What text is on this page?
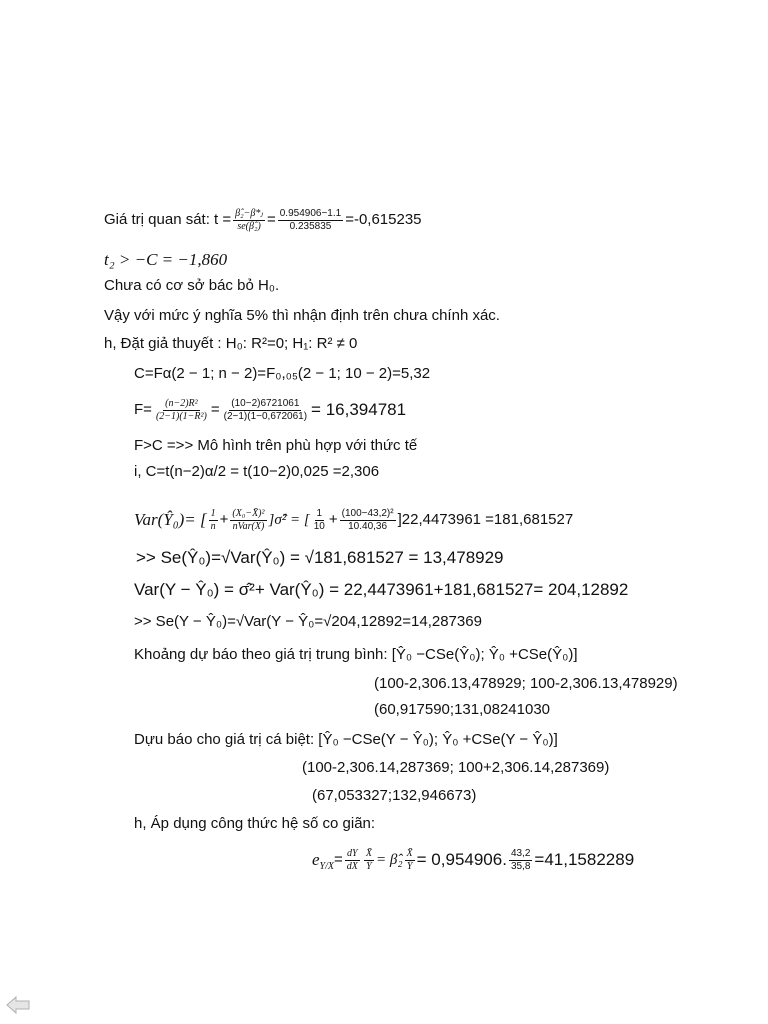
Giá trị quan sát: $t = \frac{\text{β̂₂−β*ⱼ}}{\text{se(β̂₂)}} = \frac{0.954906-1.1}{0.235835} =-0,615235$
t₂ > −C = −1,860
Chưa có cơ sở bác bỏ H₀.
Vậy với mức ý nghĩa 5% thì nhận định trên chưa chính xác.
h, Đặt giả thuyết : H₀: R²=0; H₁: R² ≠ 0
C=Fα(2 − 1; n − 2)=F₀,₀₅(2 − 1; 10 − 2)=5,32
$F= \frac{\text{(n−2)R²}}{\text{(2−1)(1−R²)}} = \frac{(10-2)6721061}{(2-1)(1-0,672061)} = 16,394781$
F>C =>> Mô hình trên phù hợp với thức tế
i, C=t(n−2)α/2 = t(10−2)0,025 =2,306
Var(Ŷ₀)= [ $\frac{1}{n} + \frac{\text{(X₀−X̄)²}}{\text{nVar(X)}}$ ]σ̂² = [ $\frac{1}{10} + \frac{\text{(100−43,2)²}}{10.40,36} ]22,4473961 =181,681527$
>> Se(Ŷ₀)=√Var(Ŷ₀) = √181,681527 = 13,478929
Var(Y − Ŷ₀) = σ̂²+ Var(Ŷ₀) = 22,4473961+181,681527= 204,12892
>> Se(Y − Ŷ₀)=√Var(Y − Ŷ₀=√204,12892=14,287369
Khoảng dự báo theo giá trị trung bình: [Ŷ₀ −CSe(Ŷ₀); Ŷ₀ +CSe(Ŷ₀)]
(100-2,306.13,478929; 100-2,306.13,478929)
(60,917590;131,08241030
Dựu báo cho giá trị cá biệt: [Ŷ₀ −CSe(Y − Ŷ₀); Ŷ₀ +CSe(Y − Ŷ₀)]
(100-2,306.14,287369; 100+2,306.14,287369)
(67,053327;132,946673)
h, Áp dụng công thức hệ số co giãn:
e $Y/X = \frac{dY}{dX} \frac{X̄}{Ȳ}$ = β̂₂ $\frac{X̄}{Ȳ} = 0,954906$. $\frac{43,2}{35,8} =41,1582289$
